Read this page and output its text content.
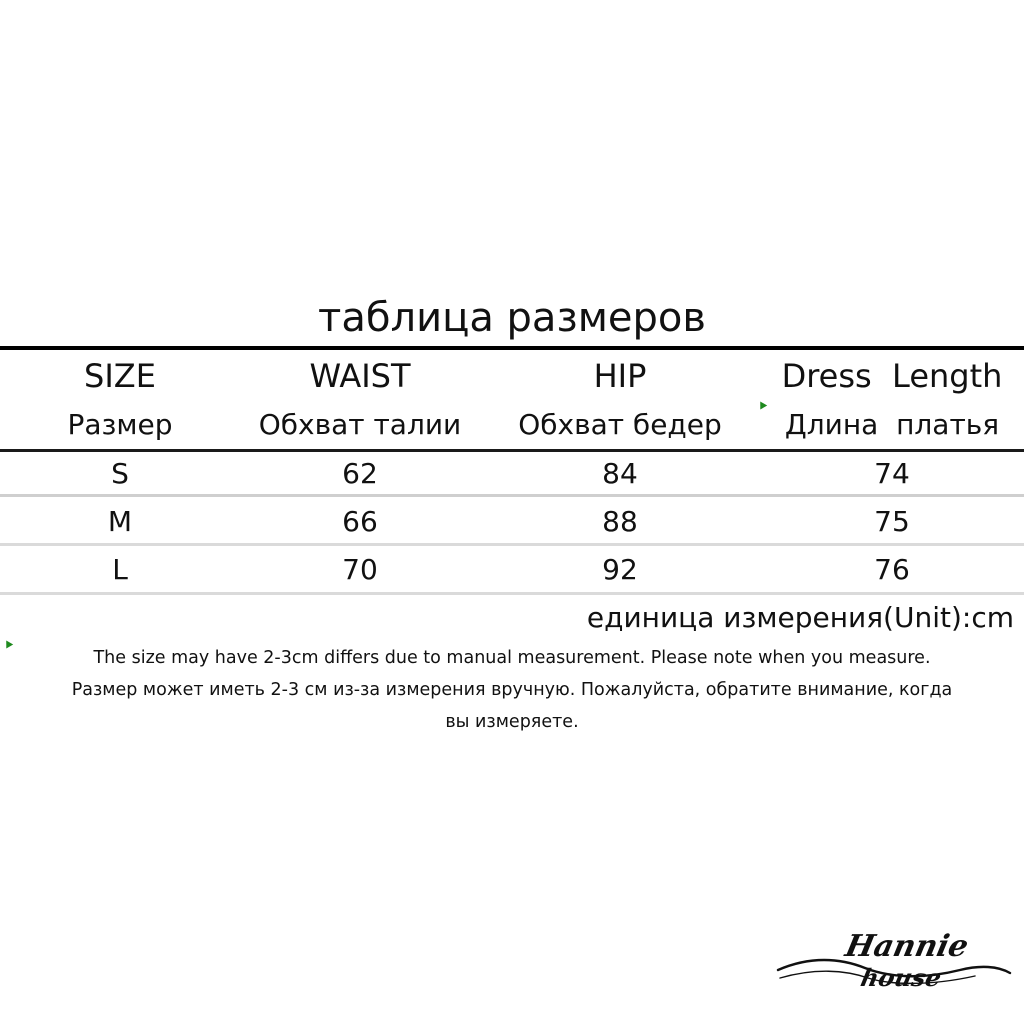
таблица размеров
SIZE	WAIST	HIP	Dress  Length
Размер	Обхват талии	Обхват бедер	Длина  платья
S	62	84	74
M	66	88	75
L	70	92	76
единица измерения(Unit):cm
The size may have 2-3cm differs due to manual measurement. Please note when you measure.
Размер может иметь 2-3 см из-за измерения вручную. Пожалуйста, обратите внимание, когда
вы измеряете.
Hannie
house
